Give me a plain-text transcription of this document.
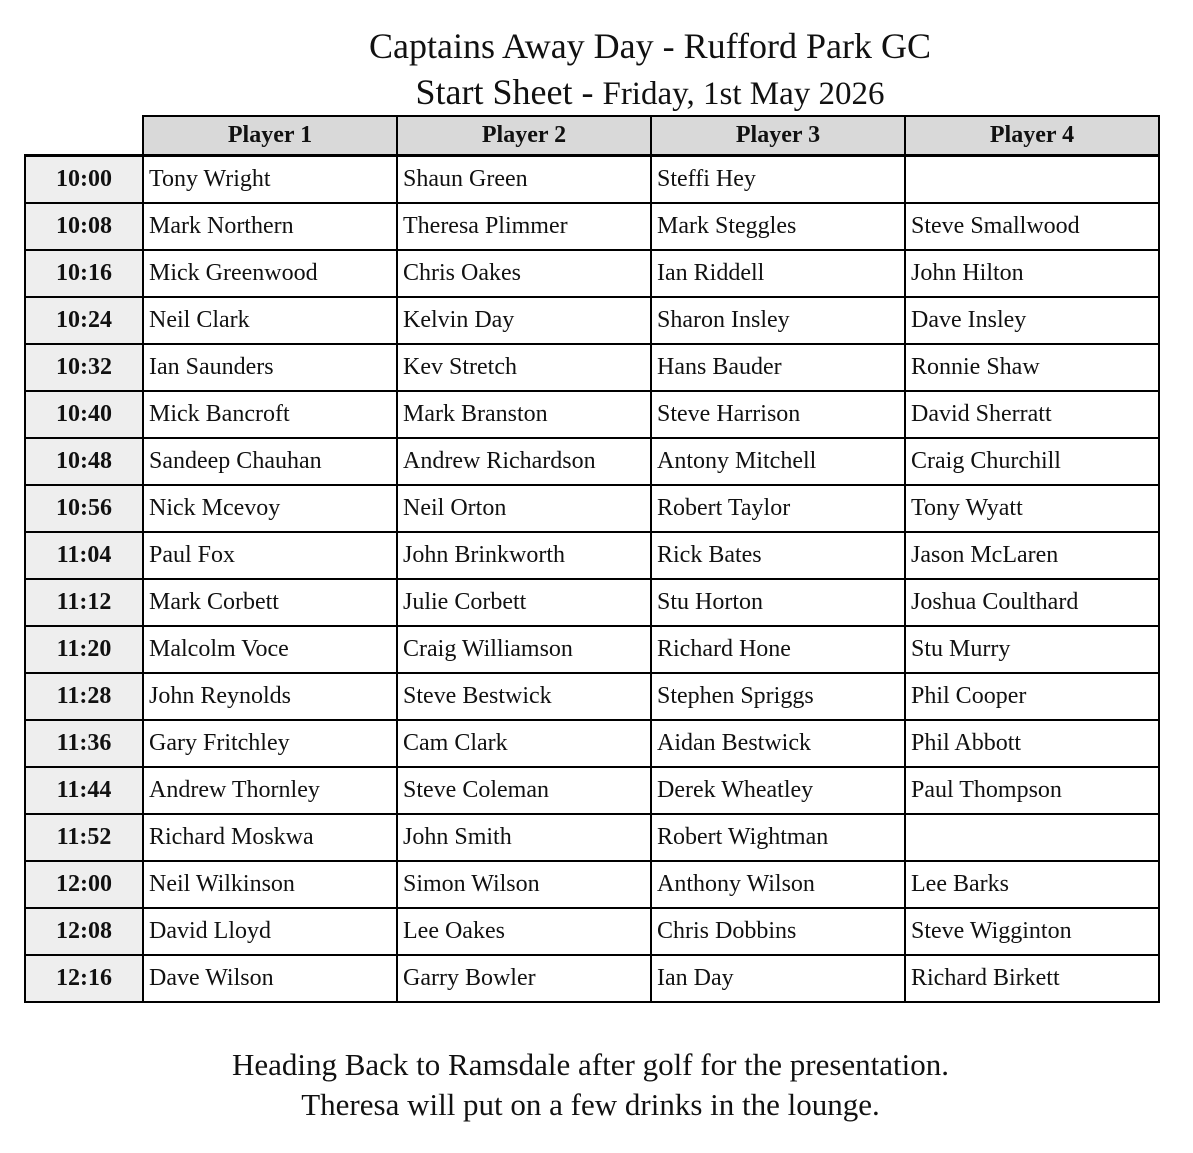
Captains Away Day - Rufford Park GC
Start Sheet - Friday, 1st May 2026
	Player 1	Player 2	Player 3	Player 4
10:00	Tony Wright	Shaun Green	Steffi Hey	
10:08	Mark Northern	Theresa Plimmer	Mark Steggles	Steve Smallwood
10:16	Mick Greenwood	Chris Oakes	Ian Riddell	John Hilton
10:24	Neil Clark	Kelvin Day	Sharon Insley	Dave Insley
10:32	Ian Saunders	Kev Stretch	Hans Bauder	Ronnie Shaw
10:40	Mick Bancroft	Mark Branston	Steve Harrison	David Sherratt
10:48	Sandeep Chauhan	Andrew Richardson	Antony Mitchell	Craig Churchill
10:56	Nick Mcevoy	Neil Orton	Robert Taylor	Tony Wyatt
11:04	Paul Fox	John Brinkworth	Rick Bates	Jason McLaren
11:12	Mark Corbett	Julie Corbett	Stu Horton	Joshua Coulthard
11:20	Malcolm Voce	Craig Williamson	Richard Hone	Stu Murry
11:28	John Reynolds	Steve Bestwick	Stephen Spriggs	Phil Cooper
11:36	Gary Fritchley	Cam Clark	Aidan Bestwick	Phil Abbott
11:44	Andrew Thornley	Steve Coleman	Derek Wheatley	Paul Thompson
11:52	Richard Moskwa	John Smith	Robert Wightman	
12:00	Neil Wilkinson	Simon Wilson	Anthony Wilson	Lee Barks
12:08	David Lloyd	Lee Oakes	Chris Dobbins	Steve Wigginton
12:16	Dave Wilson	Garry Bowler	Ian Day	Richard Birkett
Heading Back to Ramsdale after golf for the presentation.
Theresa will put on a few drinks in the lounge.
